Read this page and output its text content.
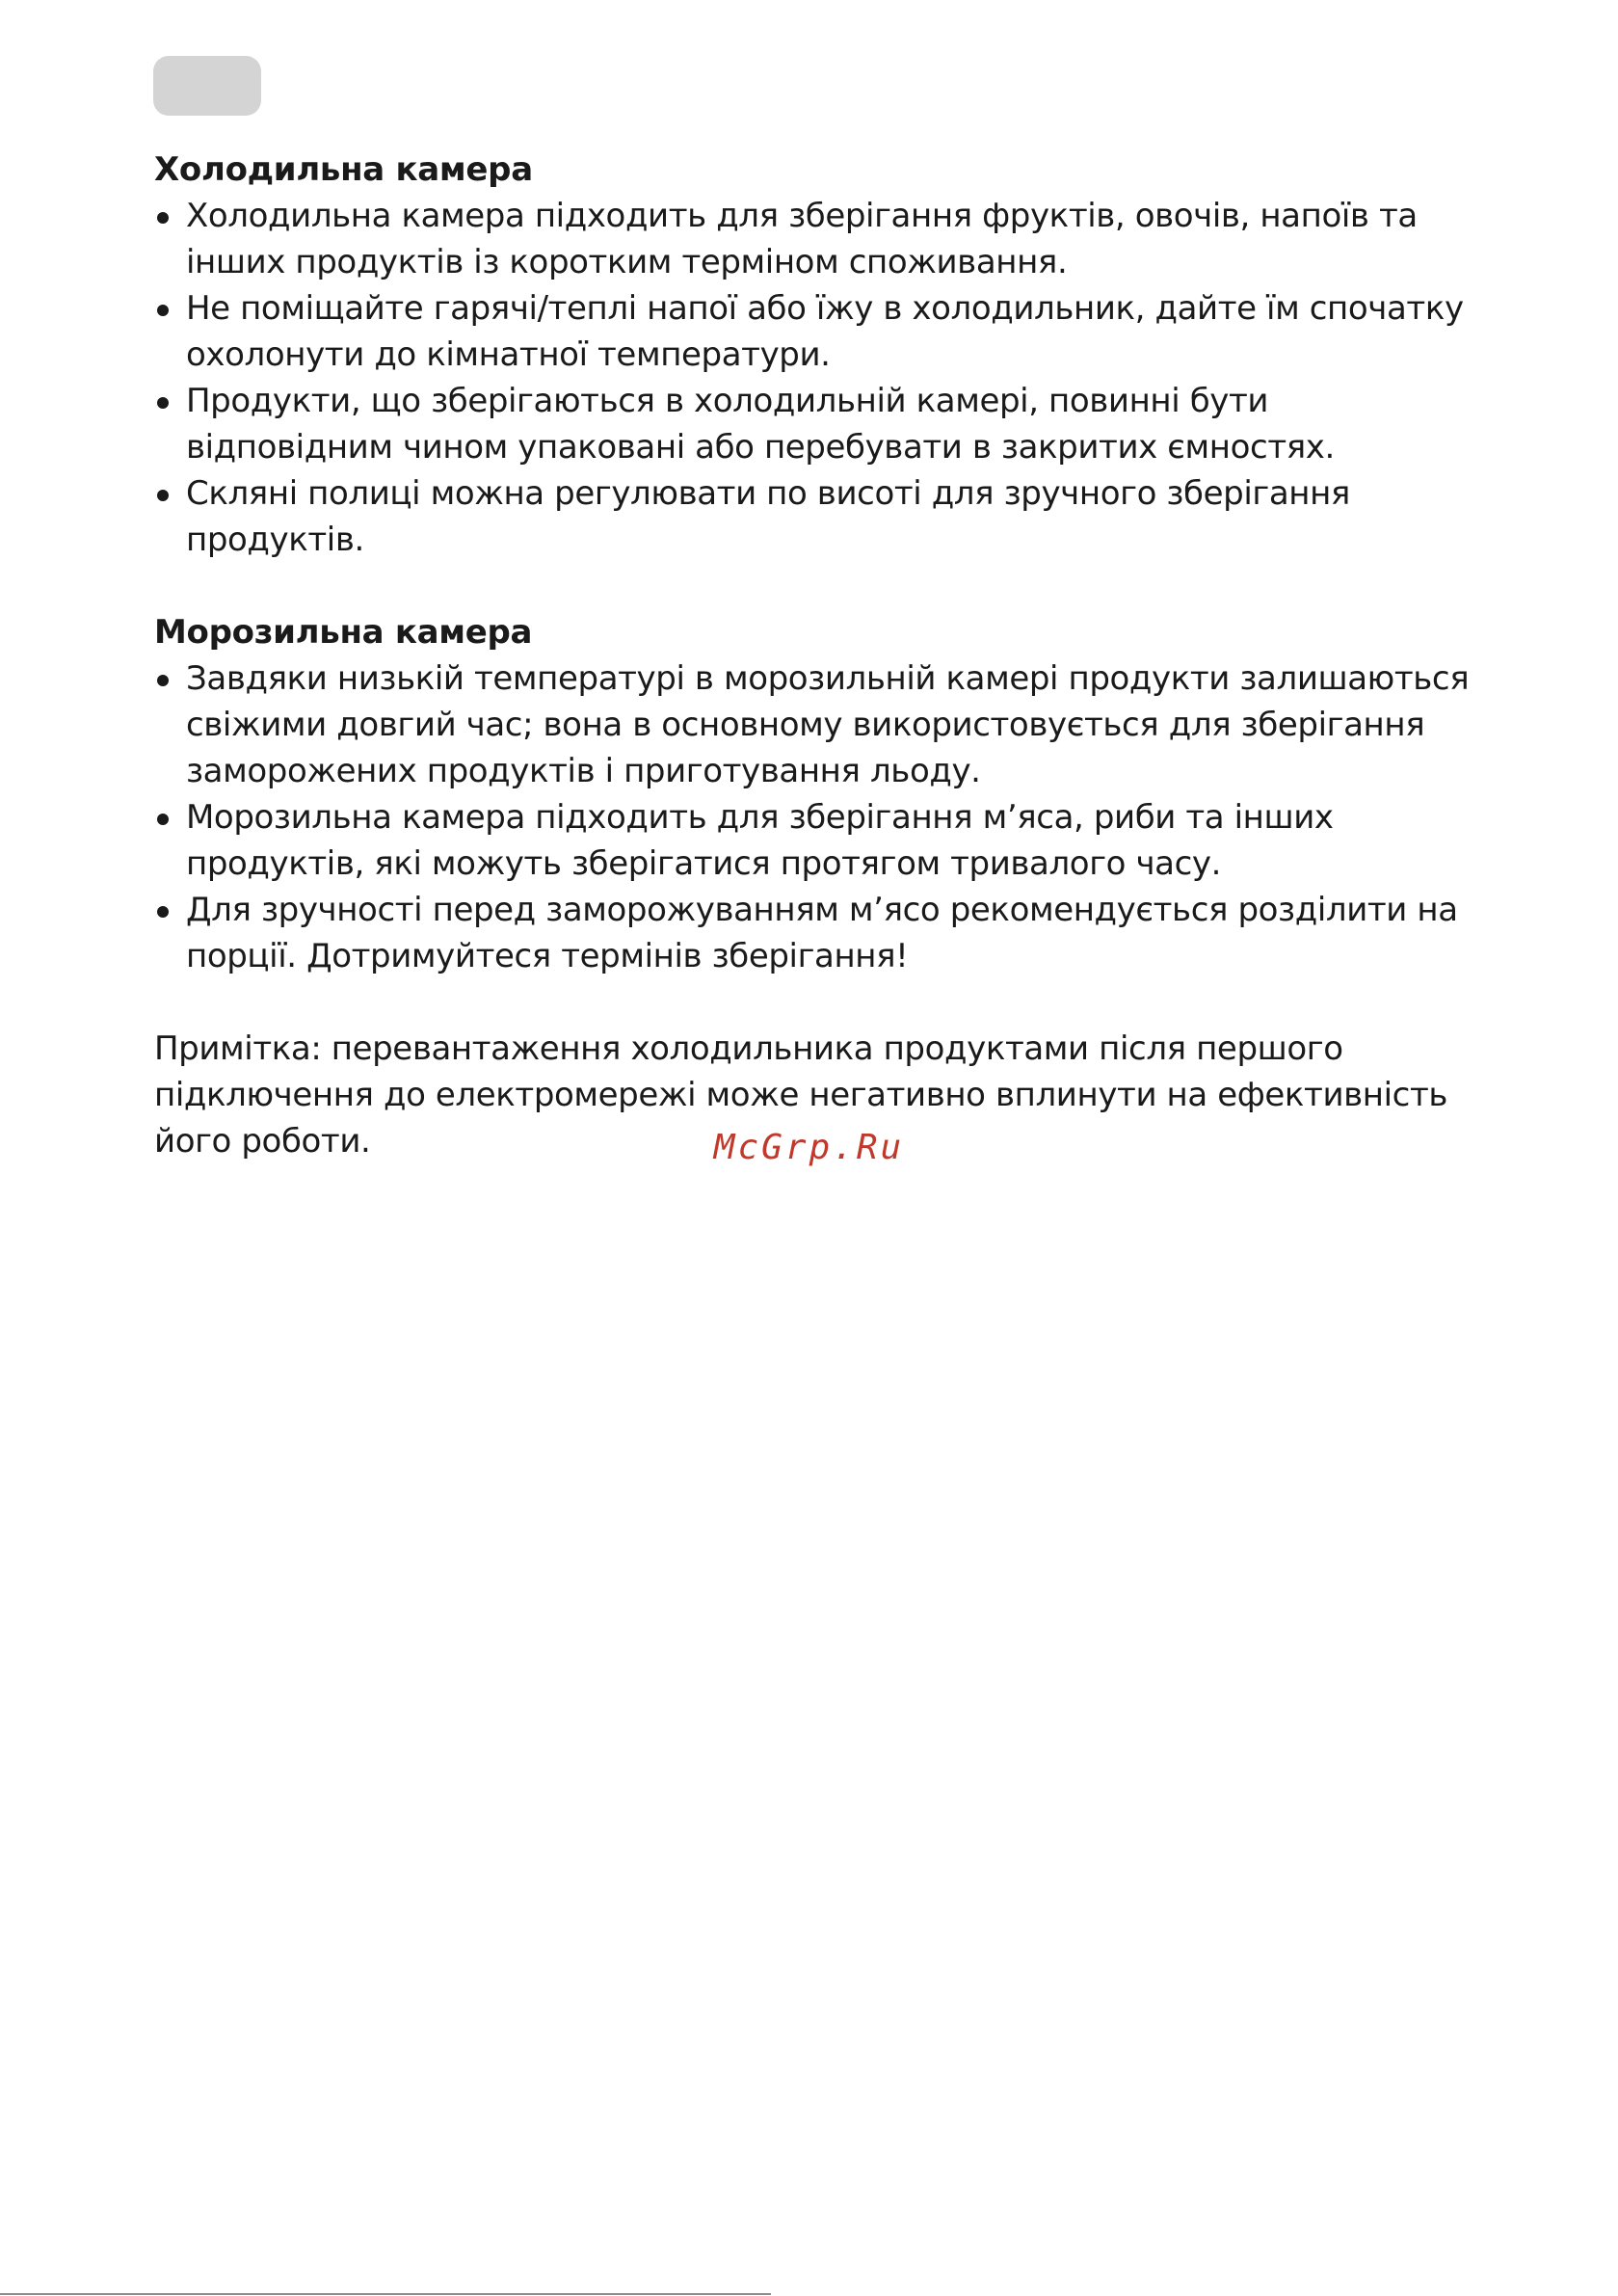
Холодильна камера
Холодильна камера підходить для зберігання фруктів, овочів, напоїв та інших продуктів із коротким терміном споживання.
Не поміщайте гарячі/теплі напої або їжу в холодильник, дайте їм спочатку охолонути до кімнатної температури.
Продукти, що зберігаються в холодильній камері, повинні бути відповідним чином упаковані або перебувати в закритих ємностях.
Скляні полиці можна регулювати по висоті для зручного зберігання продуктів.
Морозильна камера
Завдяки низькій температурі в морозильній камері продукти залишаються свіжими довгий час; вона в основному використовується для зберігання заморожених продуктів і приготування льоду.
Морозильна камера підходить для зберігання м’яса, риби та інших продуктів, які можуть зберігатися протягом тривалого часу.
Для зручності перед заморожуванням м’ясо рекомендується розділити на порції. Дотримуйтеся термінів зберігання!

Примітка: перевантаження холодильника продуктами після першого підключення до електромережі може негативно вплинути на ефективність його роботи.	McGrp.Ru
